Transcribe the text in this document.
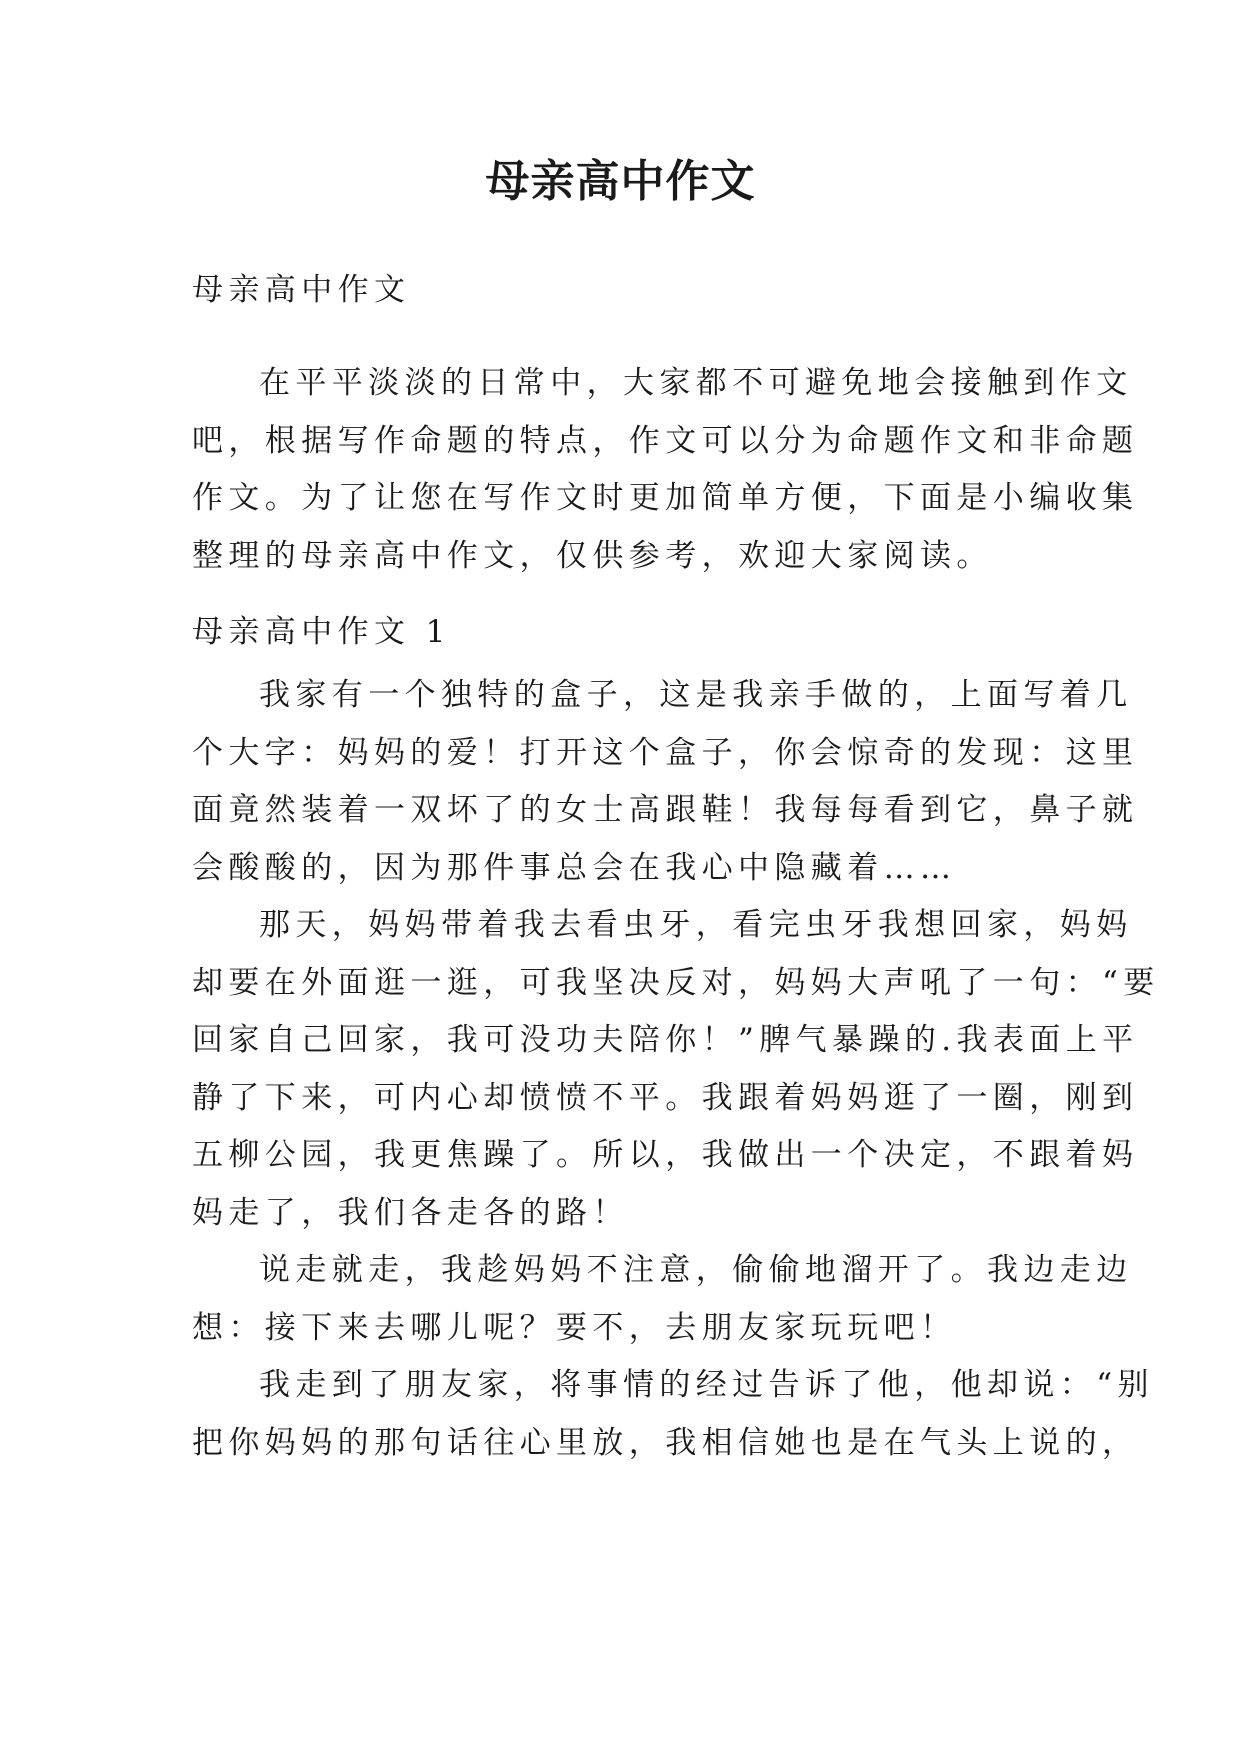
母亲高中作文

母亲高中作文

在平平淡淡的日常中，大家都不可避免地会接触到作文
吧，根据写作命题的特点，作文可以分为命题作文和非命题
作文。为了让您在写作文时更加简单方便，下面是小编收集
整理的母亲高中作文，仅供参考，欢迎大家阅读。

母亲高中作文 1

我家有一个独特的盒子，这是我亲手做的，上面写着几
个大字：妈妈的爱！打开这个盒子，你会惊奇的发现：这里
面竟然装着一双坏了的女士高跟鞋！我每每看到它，鼻子就
会酸酸的，因为那件事总会在我心中隐藏着……
那天，妈妈带着我去看虫牙，看完虫牙我想回家，妈妈
却要在外面逛一逛，可我坚决反对，妈妈大声吼了一句：“要
回家自己回家，我可没功夫陪你！”脾气暴躁的.我表面上平
静了下来，可内心却愤愤不平。我跟着妈妈逛了一圈，刚到
五柳公园，我更焦躁了。所以，我做出一个决定，不跟着妈
妈走了，我们各走各的路！
说走就走，我趁妈妈不注意，偷偷地溜开了。我边走边
想：接下来去哪儿呢？要不，去朋友家玩玩吧！
我走到了朋友家，将事情的经过告诉了他，他却说：“别
把你妈妈的那句话往心里放，我相信她也是在气头上说的，
